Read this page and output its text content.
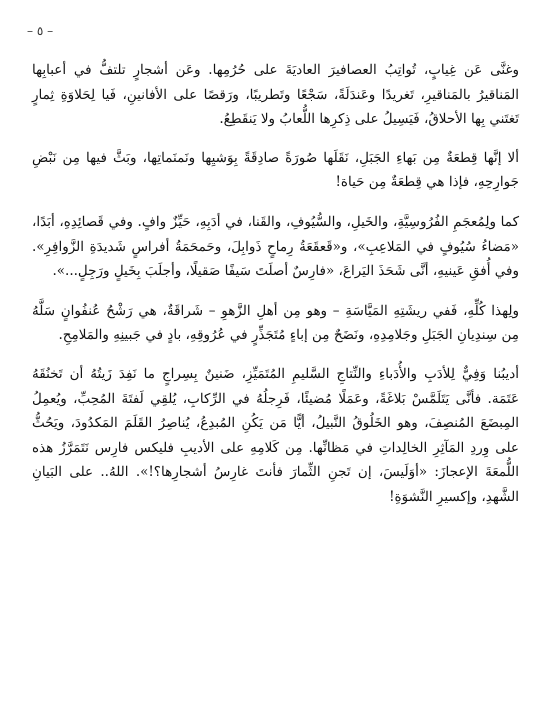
– ٥ –

وغنَّى عَن غِيابٍ، تُواتِبُ العصافيرَ العاديَةَ على حُرُمِها. وعَن أشجارٍ تلتفُّ في أعبابِها المَناقيرُ بالمَناقيرِ، تَغريدًا وعَندَلَةً، سَجْعًا وتَطريبًا، ورَقصًا على الأفانينِ، فَيا لِحَلاوَةِ ثِمارٍ تَغتَني بِها الأحلاقُ، فَيَسِيلُ على ذِكرِها اللُّعابُ ولا يَنقَطِعُ.

ألا إنَّها قِطعَةٌ مِن بَهاءِ الجَبَلِ، نَقَلَها صُورَةً صادِقَةً بِوَشيِها ونَمنَماتِها، وبَثَّ فيها مِن نَبْضِ جَوارِحِهِ، فإذا هي قِطعَةٌ مِن حَياة!

كما ولِمُعجَمِ الفُرُوسِيَّةِ، والخَيلِ، والسُّيُوفِ، والقَنا، في أدَبِهِ، حَيِّزٌ وافٍ. وفي قَصائِدِهِ، أبَدًا، «مَضاءُ سُيُوفٍ في المَلاعِبِ»، و«قَعقَعَةُ رِماحٍ ذَوابِلَ، وحَمحَمَةُ أفراسٍ شَديدَةِ الزَّوافِرِ». وفي أُفقِ عَينيهِ، أنَّى شَحَذَ اليَراعَ، «فارِسٌ أصلَتَ سَيفًا صَقيلًا، وأجلَبَ بِخَيلٍ ورَجِلٍ...».

ولِهذا كُلِّهِ، فَفي ريشَتِهِ المَيَّاسَةِ – وهو مِن أهلِ الزَّهوِ – شَراقَةٌ، هي رَشْحُ عُنفُوانٍ سَلَّهُ مِن سِندِيانِ الجَبَلِ وجَلامِدِهِ، ونَضَحٌ مِن إباءٍ مُتَجَذِّرٍ في عُرُوقِهِ، بادٍ في جَبينِهِ والمَلامِحِ.

أديبُنا وَفِيٌّ لِلأدَبِ والأُدَباءِ والنِّتاجِ السَّليمِ المُتَمَيِّزِ، ضَنينٌ بِسِراجٍ ما نَفِدَ زَيتُهُ أن تَخنُقَهُ عَتَمَة. فأنَّى يَتَلَمَّسْ بَلاغَةً، وعَمَلًا مُضيئًا، فَرِجلُهُ في الرِّكابِ، يُلقِي لَفتَةَ المُحِبِّ، ويُعمِلُ المِبضَعَ المُنصِفَ، وهو الخَلُوقُ النَّبيلُ، أيًّا مَن يَكُنِ المُبدِعُ، يُناصِرُ القَلَمَ المَكدُودَ، ويَحُثُّ على وِردِ المَآثِرِ الخالِداتِ في مَظانِّها. مِن كَلامِهِ على الأديبِ فليكس فارِس نَتَمَرَّزُ هذه اللُّمعَةَ الإعجازَ: «أوَلَيسَ، إن تَجنِ الثِّمارَ فأنتَ غارِسُ أشجارِها؟!». اللهُ.. على البَيانِ الشَّهدِ، وإكسيرِ النَّشوَةِ!
